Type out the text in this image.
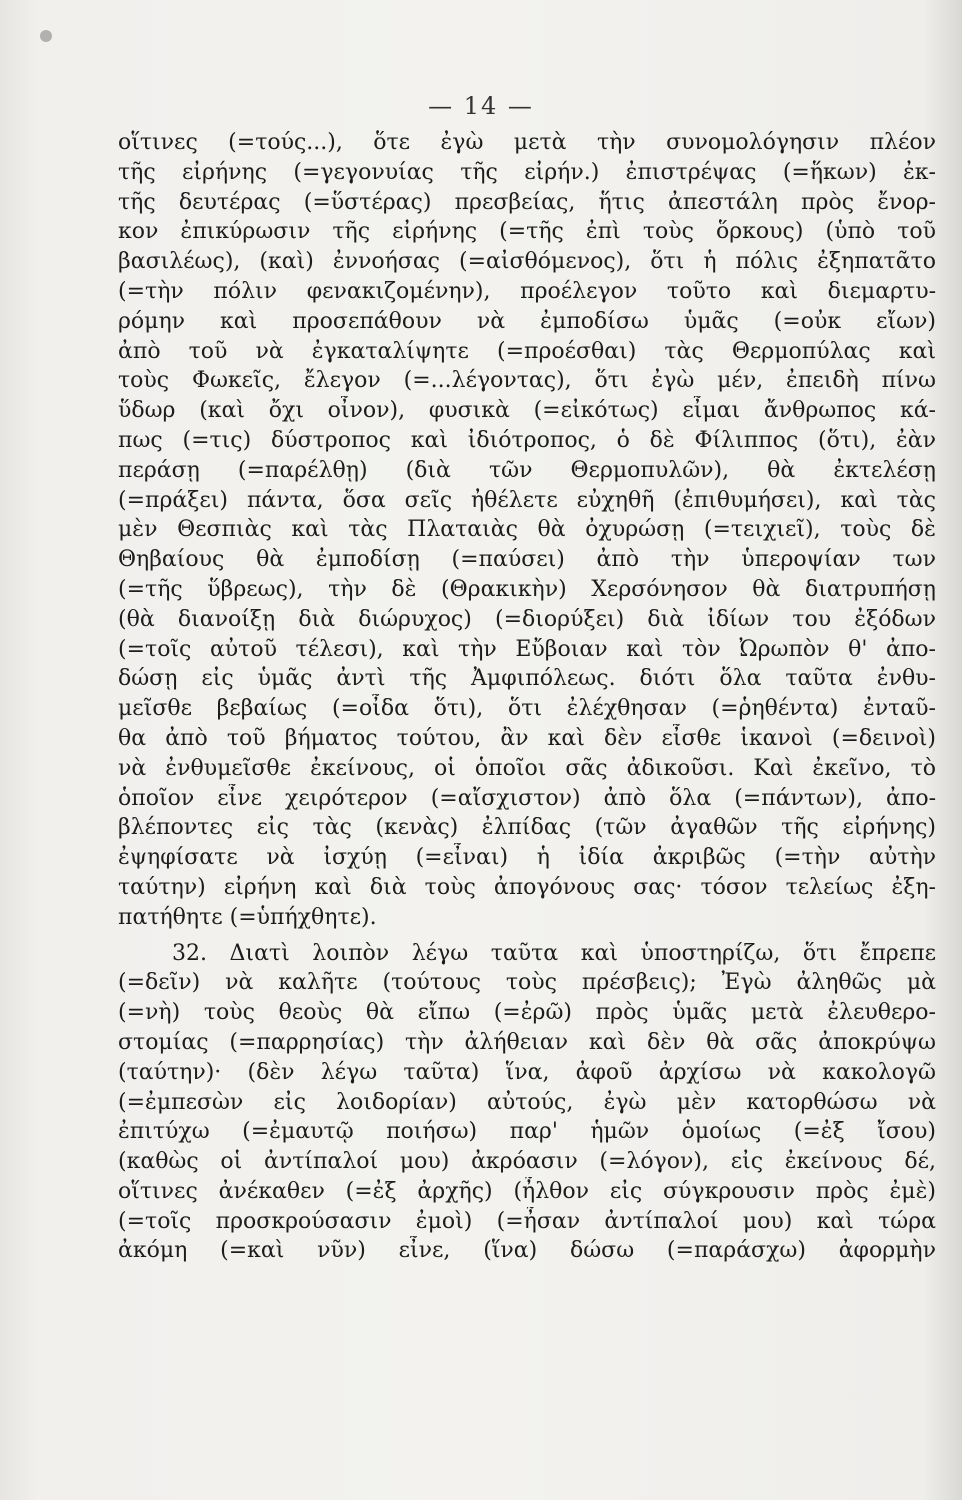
— 14 —
οἵτινες (=τούς...), ὅτε ἐγὼ μετὰ τὴν συνομολόγησιν πλέον
τῆς εἰρήνης (=γεγονυίας τῆς εἰρήν.) ἐπιστρέψας (=ἥκων) ἐκ-
τῆς δευτέρας (=ὕστέρας) πρεσβείας, ἥτις ἀπεστάλη πρὸς ἔνορ-
κον ἐπικύρωσιν τῆς εἰρήνης (=τῆς ἐπὶ τοὺς ὅρκους) (ὑπὸ τοῦ
βασιλέως), (καὶ) ἐννοήσας (=αἰσθόμενος), ὅτι ἡ πόλις ἐξηπατᾶτο
(=τὴν πόλιν φενακιζομένην), προέλεγον τοῦτο καὶ διεμαρτυ-
ρόμην καὶ προσεπάθουν νὰ ἐμποδίσω ὑμᾶς (=οὐκ εἴων)
ἀπὸ τοῦ νὰ ἐγκαταλίψητε (=προέσθαι) τὰς Θερμοπύλας καὶ
τοὺς Φωκεῖς, ἔλεγον (=...λέγοντας), ὅτι ἐγὼ μέν, ἐπειδὴ πίνω
ὕδωρ (καὶ ὄχι οἶνον), φυσικὰ (=εἰκότως) εἶμαι ἄνθρωπος κά-
πως (=τις) δύστροπος καὶ ἰδιότροπος, ὁ δὲ Φίλιππος (ὅτι), ἐὰν
περάσῃ (=παρέλθῃ) (διὰ τῶν Θερμοπυλῶν), θὰ ἐκτελέσῃ
(=πράξει) πάντα, ὅσα σεῖς ἠθέλετε εὐχηθῆ (ἐπιθυμήσει), καὶ τὰς
μὲν Θεσπιὰς καὶ τὰς Πλαταιὰς θὰ ὀχυρώσῃ (=τειχιεῖ), τοὺς δὲ
Θηβαίους θὰ ἐμποδίσῃ (=παύσει) ἀπὸ τὴν ὑπεροψίαν των
(=τῆς ὕβρεως), τὴν δὲ (Θρακικὴν) Χερσόνησον θὰ διατρυπήσῃ
(θὰ διανοίξῃ διὰ διώρυχος) (=διορύξει) διὰ ἰδίων του ἐξόδων
(=τοῖς αὐτοῦ τέλεσι), καὶ τὴν Εὔβοιαν καὶ τὸν Ὠρωπὸν θ' ἀπο-
δώσῃ εἰς ὑμᾶς ἀντὶ τῆς Ἀμφιπόλεως. διότι ὅλα ταῦτα ἐνθυ-
μεῖσθε βεβαίως (=οἶδα ὅτι), ὅτι ἐλέχθησαν (=ῥηθέντα) ἐνταῦ-
θα ἀπὸ τοῦ βήματος τούτου, ἂν καὶ δὲν εἶσθε ἱκανοὶ (=δεινοὶ)
νὰ ἐνθυμεῖσθε ἐκείνους, οἱ ὁποῖοι σᾶς ἀδικοῦσι. Καὶ ἐκεῖνο, τὸ
ὁποῖον εἶνε χειρότερον (=αἴσχιστον) ἀπὸ ὅλα (=πάντων), ἀπο-
βλέποντες εἰς τὰς (κενὰς) ἐλπίδας (τῶν ἀγαθῶν τῆς εἰρήνης)
ἐψηφίσατε νὰ ἰσχύῃ (=εἶναι) ἡ ἰδία ἀκριβῶς (=τὴν αὐτὴν
ταύτην) εἰρήνη καὶ διὰ τοὺς ἀπογόνους σας· τόσον τελείως ἐξη-
πατήθητε (=ὑπήχθητε).
32. Διατὶ λοιπὸν λέγω ταῦτα καὶ ὑποστηρίζω, ὅτι ἔπρεπε
(=δεῖν) νὰ καλῆτε (τούτους τοὺς πρέσβεις); Ἐγὼ ἀληθῶς μὰ
(=νὴ) τοὺς θεοὺς θὰ εἴπω (=ἐρῶ) πρὸς ὑμᾶς μετὰ ἐλευθερο-
στομίας (=παρρησίας) τὴν ἀλήθειαν καὶ δὲν θὰ σᾶς ἀποκρύψω
(ταύτην)· (δὲν λέγω ταῦτα) ἵνα, ἀφοῦ ἀρχίσω νὰ κακολογῶ
(=ἐμπεσὼν εἰς λοιδορίαν) αὐτούς, ἐγὼ μὲν κατορθώσω νὰ
ἐπιτύχω (=ἐμαυτῷ ποιήσω) παρ' ἡμῶν ὁμοίως (=ἐξ ἴσου)
(καθὼς οἱ ἀντίπαλοί μου) ἀκρόασιν (=λόγον), εἰς ἐκείνους δέ,
οἵτινες ἀνέκαθεν (=ἐξ ἀρχῆς) (ἦλθον εἰς σύγκρουσιν πρὸς ἐμὲ)
(=τοῖς προσκρούσασιν ἐμοὶ) (=ἦσαν ἀντίπαλοί μου) καὶ τώρα
ἀκόμη (=καὶ νῦν) εἶνε, (ἵνα) δώσω (=παράσχω) ἀφορμὴν
